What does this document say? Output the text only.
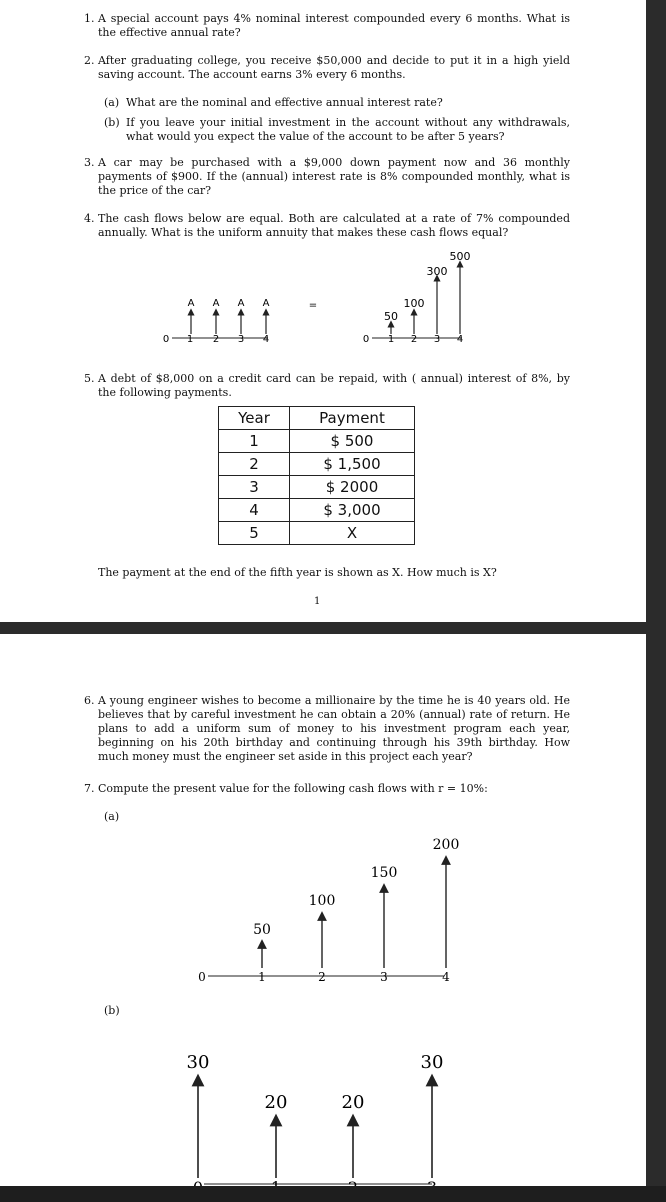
1. A special account pays 4% nominal interest compounded every 6 months. What is the effective annual rate?
2. After graduating college, you receive $50,000 and decide to put it in a high yield saving account. The account earns 3% every 6 months.
(a) What are the nominal and effective annual interest rate?
(b) If you leave your initial investment in the account without any withdrawals, what would you expect the value of the account to be after 5 years?
3. A car may be purchased with a $9,000 down payment now and 36 monthly payments of $900. If the (annual) interest rate is 8% compounded monthly, what is the price of the car?
4. The cash flows below are equal. Both are calculated at a rate of 7% compounded annually. What is the uniform annuity that makes these cash flows equal?
0 1 2 3 4
A A A A	=
0 1 2 3 4
50
100
300
500
5. A debt of $8,000 on a credit card can be repaid, with ( annual) interest of 8%, by the following payments.
Year	Payment
1	$ 500
2	$ 1,500
3	$ 2000
4	$ 3,000
5	X
The payment at the end of the fifth year is shown as X. How much is X?
1
6. A young engineer wishes to become a millionaire by the time he is 40 years old. He believes that by careful investment he can obtain a 20% (annual) rate of return. He plans to add a uniform sum of money to his investment program each year, beginning on his 20th birthday and continuing through his 39th birthday. How much money must the engineer set aside in this project each year?
7. Compute the present value for the following cash flows with r = 10%:
(a)
0	1	2	3	4
50
100
150
200
(b)
30
20	20
30
